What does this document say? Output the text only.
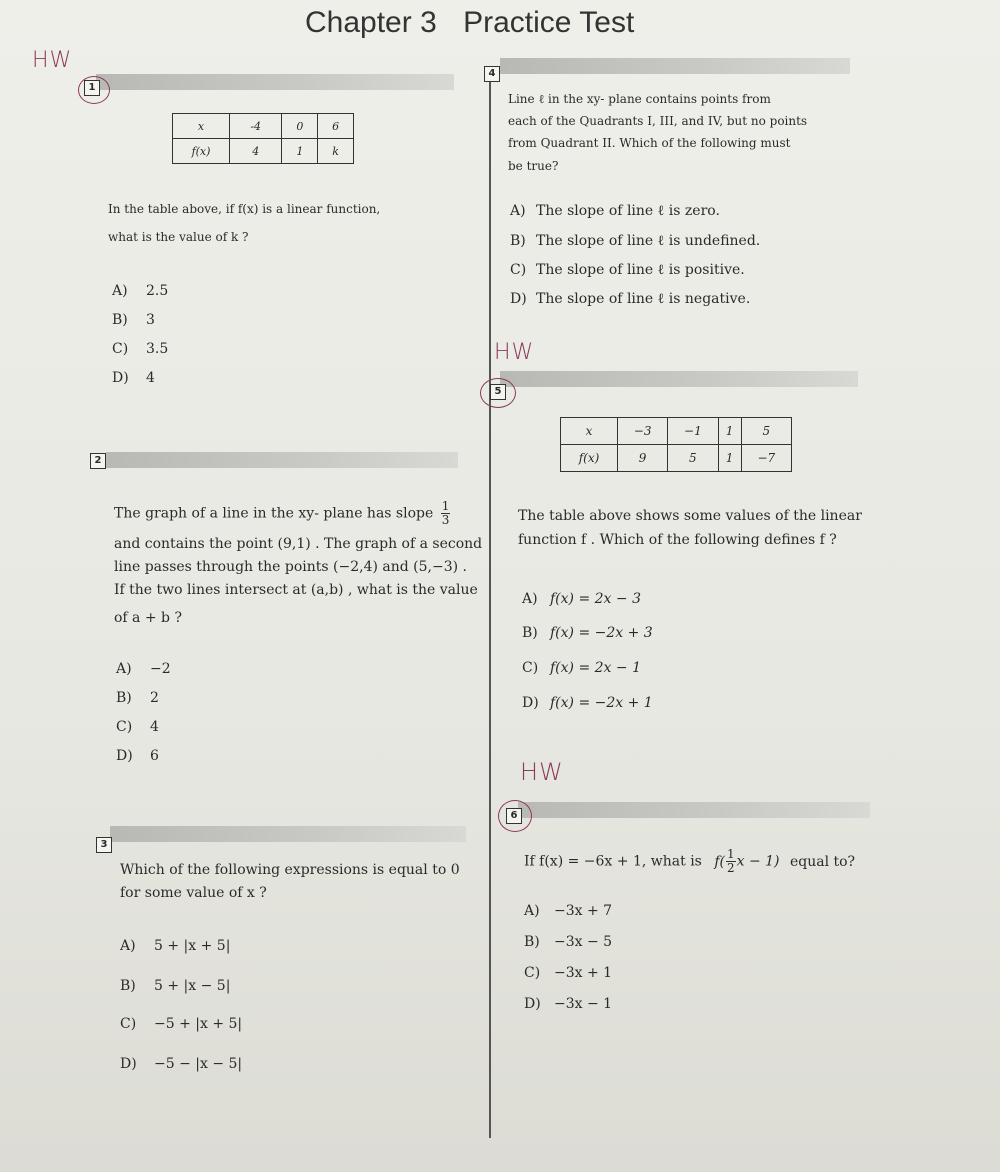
Chapter 3 Practice Test
HW
HW
HW
1
x	-4	0	6
f(x)	4	1	k
In the table above, if f(x) is a linear function,
what is the value of k ?
A) 2.5
B) 3
C) 3.5
D) 4
2
The graph of a line in the xy- plane has slope $\frac{1}{3}$
and contains the point (9,1) . The graph of a second
line passes through the points (−2,4) and (5,−3) .
If the two lines intersect at (a,b) , what is the value
of a + b ?
A) −2
B) 2
C) 4
D) 6
3
Which of the following expressions is equal to 0
for some value of x ?
A) 5 + |x + 5|
B) 5 + |x − 5|
C) −5 + |x + 5|
D) −5 − |x − 5|
4
Line ℓ in the xy- plane contains points from
each of the Quadrants I, III, and IV, but no points
from Quadrant II. Which of the following must
be true?
A) The slope of line ℓ is zero.
B) The slope of line ℓ is undefined.
C) The slope of line ℓ is positive.
D) The slope of line ℓ is negative.
5
x	−3	−1	1	5
f(x)	9	5	1	−7
The table above shows some values of the linear
function f . Which of the following defines f ?
A) f(x) = 2x − 3
B) f(x) = −2x + 3
C) f(x) = 2x − 1
D) f(x) = −2x + 1
6
If f(x) = −6x + 1, what is $f( \frac{1}{2}$ x − 1) equal to?
A) −3x + 7
B) −3x − 5
C) −3x + 1
D) −3x − 1
